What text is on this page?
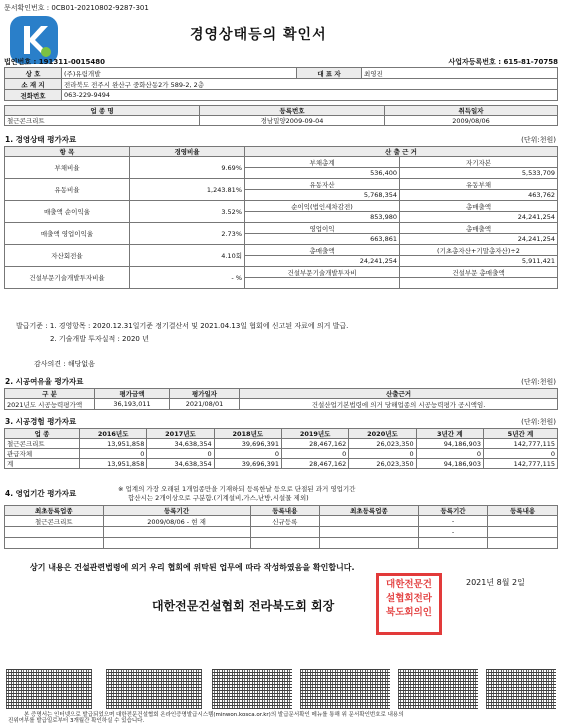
문서확인번호 : 0CB01-20210802-9287-301
경영상태등의 확인서
법인번호 : 191311-0015480	사업자등록번호 : 615-81-70758
상 호	(주)유림개발	대 표 자	최영진
소 재 지	전라북도 전주시 완산구 중화산동2가 589-2, 2층		
전화번호	063-229-9494		
업 종 명	등록번호	취득일자
철근콘크리트	경남밀양2009-09-04	2009/08/06
1. 경영상태 평가자료	(단위:천원)
항 목	경영비율	산 출 근 거	
부채비율	9.69%	부채총계	자기자본
		536,400	5,533,709
유동비율	1,243.81%	유동자산	유동부채
		5,768,354	463,762
매출액 순이익율	3.52%	순이익(법인세차감전)	총매출액
		853,980	24,241,254
매출액 영업이익율	2.73%	영업이익	총매출액
		663,861	24,241,254
자산회전율	4.10회	총매출액	(기초총자산+기말총자산)÷2
		24,241,254	5,911,421
건설부문기술개발투자비율	- %	건설부문기술개발투자비	건설부문 총매출액

발급기준 : 1. 경영항목 : 2020.12.31일기준 정기결산서 및 2021.04.13일 협회에 신고된 자료에 의거 발급.
2. 기술개발 투자실적 : 2020 년
감사의견 : 해당없음
2. 시공여유율 평가자료	(단위:천원)
구 분	평가금액	평가일자	산출근거
2021년도 시공능력평가액	36,193,011	2021/08/01	건설산업기본법령에 의거 당해업종의 시공능력평가 공시액임.
3. 시공경험 평가자료	(단위:천원)
업 종	2016년도	2017년도	2018년도	2019년도	2020년도	3년간 계	5년간 계
철근콘크리트	13,951,858	34,638,354	39,696,391	28,467,162	26,023,350	94,186,903	142,777,115
관급자체	0	0	0	0	0	0	0
계	13,951,858	34,638,354	39,696,391	28,467,162	26,023,350	94,186,903	142,777,115
4. 영업기간 평가자료	※ 업계의 가장 오래된 1개업종만을 기재하되 등록한날 등으로 단절된 과거 영업기간
합산시는 2개이상으로 구분함.(기계설비,가스,난방,시설물 제외)
최초등록업종	등록기간	등록내용	최초등록업종	등록기간	등록내용
철근콘크리트	2009/08/06 - 현 재	신규등록		-	
				-	

상기 내용은 건설관련법령에 의거 우리 협회에 위탁된 업무에 따라 작성하였음을 확인합니다.
2021년 8월 2일
대한전문건설협회 전라북도회 회장
대한전문건
설협회전라
북도회의인
본 증명서는 인터넷으로 발급되었으며 대한전문건설협회 온라인증명발급시스템(minwon.kosca.or.kr)의 발급문서확인 메뉴를 통해 위 문서확인번호로 내용의
진위여부를 발급일로부터 3개월간 확인하실 수 있습니다.
